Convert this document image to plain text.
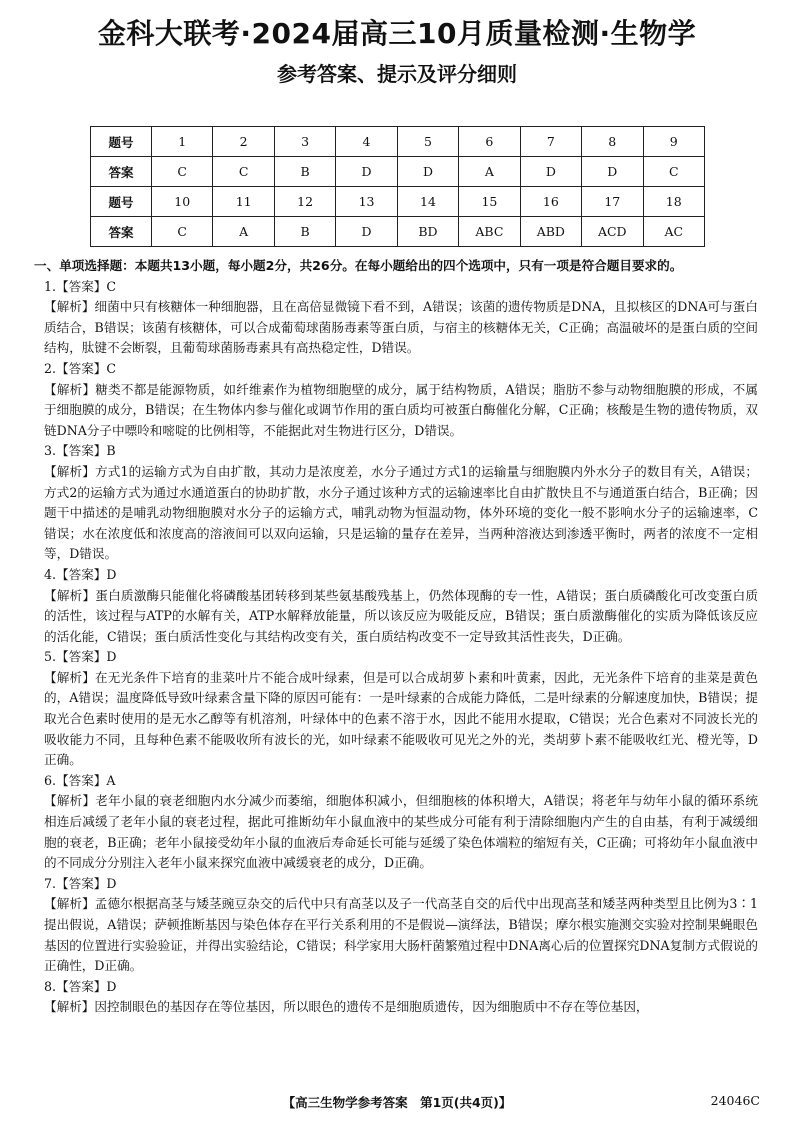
金科大联考·2024届高三10月质量检测·生物学
参考答案、提示及评分细则
题号	1	2	3	4	5	6	7	8	9
答案	C	C	B	D	D	A	D	D	C
题号	10	11	12	13	14	15	16	17	18
答案	C	A	B	D	BD	ABC	ABD	ACD	AC
一、单项选择题：本题共13小题，每小题2分，共26分。在每小题给出的四个选项中，只有一项是符合题目要求的。
1.【答案】C
【解析】细菌中只有核糖体一种细胞器，且在高倍显微镜下看不到，A错误；该菌的遗传物质是DNA，且拟核区的DNA可与蛋白质结合，B错误；该菌有核糖体，可以合成葡萄球菌肠毒素等蛋白质，与宿主的核糖体无关，C正确；高温破坏的是蛋白质的空间结构，肽键不会断裂，且葡萄球菌肠毒素具有高热稳定性，D错误。
2.【答案】C
【解析】糖类不都是能源物质，如纤维素作为植物细胞壁的成分，属于结构物质，A错误；脂肪不参与动物细胞膜的形成，不属于细胞膜的成分，B错误；在生物体内参与催化或调节作用的蛋白质均可被蛋白酶催化分解，C正确；核酸是生物的遗传物质，双链DNA分子中嘌呤和嘧啶的比例相等，不能据此对生物进行区分，D错误。
3.【答案】B
【解析】方式1的运输方式为自由扩散，其动力是浓度差，水分子通过方式1的运输量与细胞膜内外水分子的数目有关，A错误；方式2的运输方式为通过水通道蛋白的协助扩散，水分子通过该种方式的运输速率比自由扩散快且不与通道蛋白结合，B正确；因题干中描述的是哺乳动物细胞膜对水分子的运输方式，哺乳动物为恒温动物，体外环境的变化一般不影响水分子的运输速率，C错误；水在浓度低和浓度高的溶液间可以双向运输，只是运输的量存在差异，当两种溶液达到渗透平衡时，两者的浓度不一定相等，D错误。
4.【答案】D
【解析】蛋白质激酶只能催化将磷酸基团转移到某些氨基酸残基上，仍然体现酶的专一性，A错误；蛋白质磷酸化可改变蛋白质的活性，该过程与ATP的水解有关，ATP水解释放能量，所以该反应为吸能反应，B错误；蛋白质激酶催化的实质为降低该反应的活化能，C错误；蛋白质活性变化与其结构改变有关，蛋白质结构改变不一定导致其活性丧失，D正确。
5.【答案】D
【解析】在无光条件下培育的韭菜叶片不能合成叶绿素，但是可以合成胡萝卜素和叶黄素，因此，无光条件下培育的韭菜是黄色的，A错误；温度降低导致叶绿素含量下降的原因可能有：一是叶绿素的合成能力降低，二是叶绿素的分解速度加快，B错误；提取光合色素时使用的是无水乙醇等有机溶剂，叶绿体中的色素不溶于水，因此不能用水提取，C错误；光合色素对不同波长光的吸收能力不同，且每种色素不能吸收所有波长的光，如叶绿素不能吸收可见光之外的光，类胡萝卜素不能吸收红光、橙光等，D正确。
6.【答案】A
【解析】老年小鼠的衰老细胞内水分减少而萎缩，细胞体积减小，但细胞核的体积增大，A错误；将老年与幼年小鼠的循环系统相连后减缓了老年小鼠的衰老过程，据此可推断幼年小鼠血液中的某些成分可能有利于清除细胞内产生的自由基，有利于减缓细胞的衰老，B正确；老年小鼠接受幼年小鼠的血液后寿命延长可能与延缓了染色体端粒的缩短有关，C正确；可将幼年小鼠血液中的不同成分分别注入老年小鼠来探究血液中减缓衰老的成分，D正确。
7.【答案】D
【解析】孟德尔根据高茎与矮茎豌豆杂交的后代中只有高茎以及子一代高茎自交的后代中出现高茎和矮茎两种类型且比例为3∶1提出假说，A错误；萨顿推断基因与染色体存在平行关系利用的不是假说—演绎法，B错误；摩尔根实施测交实验对控制果蝇眼色基因的位置进行实验验证，并得出实验结论，C错误；科学家用大肠杆菌繁殖过程中DNA离心后的位置探究DNA复制方式假说的正确性，D正确。
8.【答案】D
【解析】因控制眼色的基因存在等位基因，所以眼色的遗传不是细胞质遗传，因为细胞质中不存在等位基因，
【高三生物学参考答案　第1页(共4页)】	24046C
